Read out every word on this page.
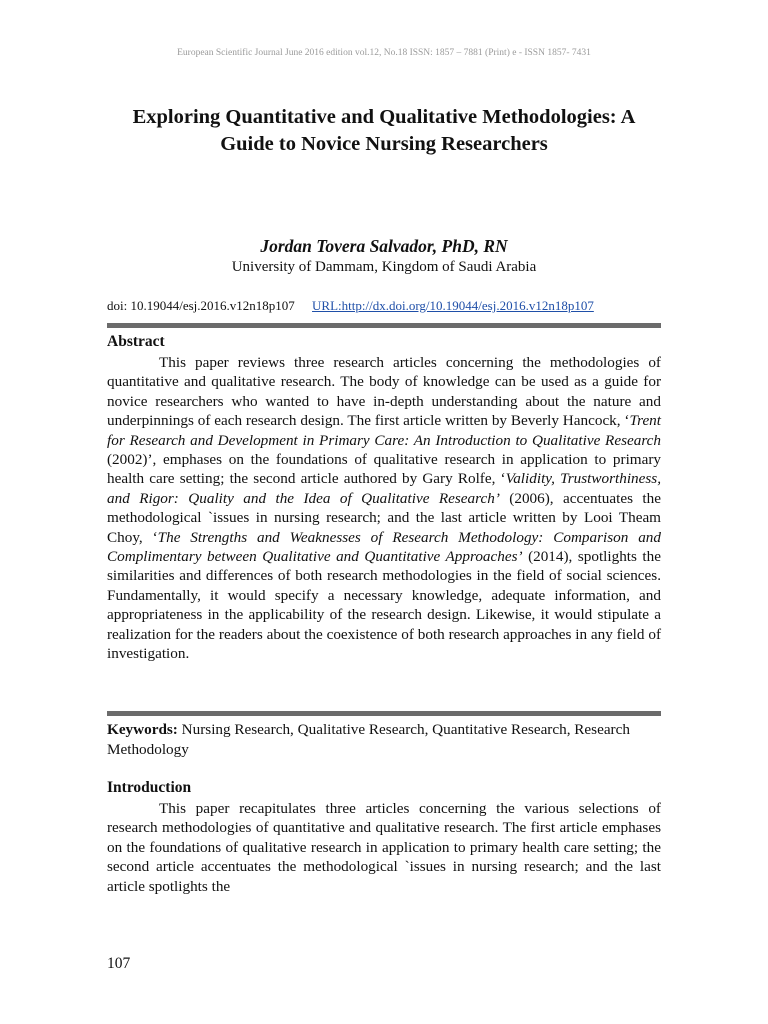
European Scientific Journal June 2016 edition vol.12, No.18 ISSN: 1857 – 7881 (Print) e - ISSN 1857- 7431
Exploring Quantitative and Qualitative Methodologies: A Guide to Novice Nursing Researchers
Jordan Tovera Salvador, PhD, RN
University of Dammam, Kingdom of Saudi Arabia
doi: 10.19044/esj.2016.v12n18p107 URL:http://dx.doi.org/10.19044/esj.2016.v12n18p107
Abstract

This paper reviews three research articles concerning the methodologies of quantitative and qualitative research. The body of knowledge can be used as a guide for novice researchers who wanted to have in-depth understanding about the nature and underpinnings of each research design. The first article written by Beverly Hancock, ‘Trent for Research and Development in Primary Care: An Introduction to Qualitative Research (2002)’, emphases on the foundations of qualitative research in application to primary health care setting; the second article authored by Gary Rolfe, ‘Validity, Trustworthiness, and Rigor: Quality and the Idea of Qualitative Research’ (2006), accentuates the methodological `issues in nursing research; and the last article written by Looi Theam Choy, ‘The Strengths and Weaknesses of Research Methodology: Comparison and Complimentary between Qualitative and Quantitative Approaches’ (2014), spotlights the similarities and differences of both research methodologies in the field of social sciences. Fundamentally, it would specify a necessary knowledge, adequate information, and appropriateness in the applicability of the research design. Likewise, it would stipulate a realization for the readers about the coexistence of both research approaches in any field of investigation.

Keywords: Nursing Research, Qualitative Research, Quantitative Research, Research Methodology
Introduction

This paper recapitulates three articles concerning the various selections of research methodologies of quantitative and qualitative research. The first article emphases on the foundations of qualitative research in application to primary health care setting; the second article accentuates the methodological `issues in nursing research; and the last article spotlights the

107
